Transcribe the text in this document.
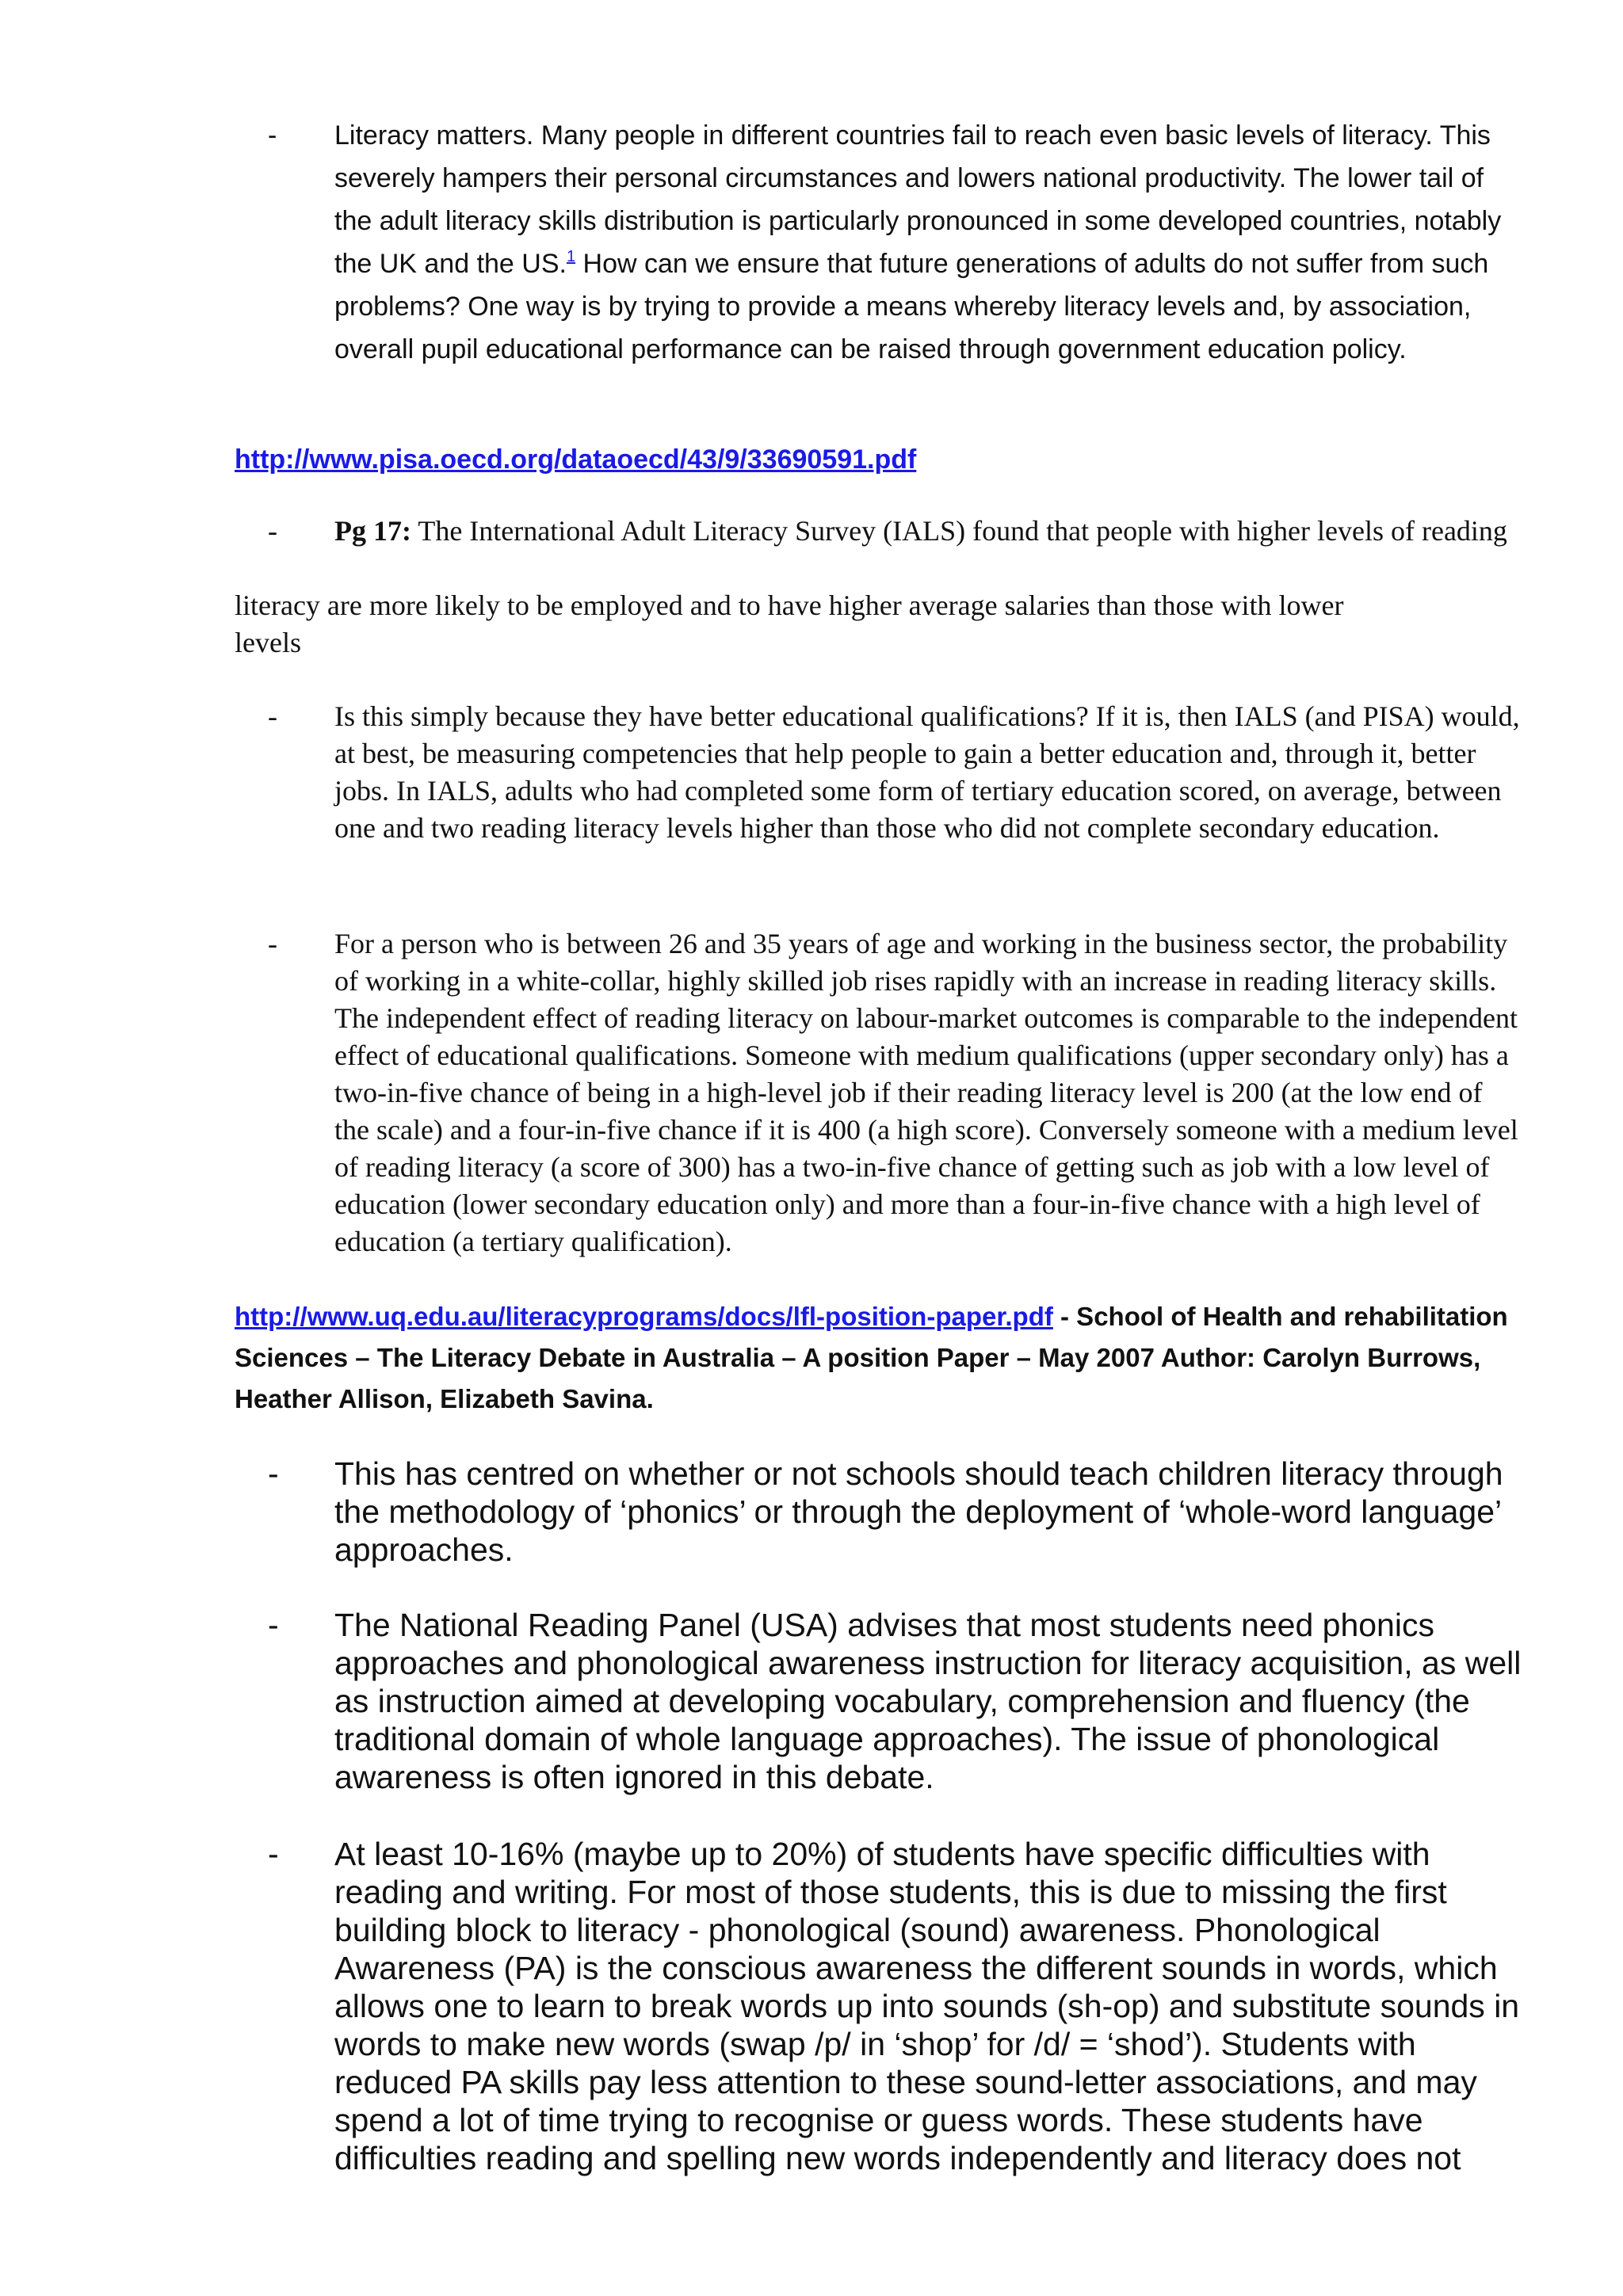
- Literacy matters. Many people in different countries fail to reach even basic levels of literacy. This severely hampers their personal circumstances and lowers national productivity. The lower tail of the adult literacy skills distribution is particularly pronounced in some developed countries, notably the UK and the US.$^1$ How can we ensure that future generations of adults do not suffer from such problems? One way is by trying to provide a means whereby literacy levels and, by association, overall pupil educational performance can be raised through government education policy.
http://www.pisa.oecd.org/dataoecd/43/9/33690591.pdf
- Pg 17: The International Adult Literacy Survey (IALS) found that people with higher levels of reading
literacy are more likely to be employed and to have higher average salaries than those with lower levels
- Is this simply because they have better educational qualifications? If it is, then IALS (and PISA) would, at best, be measuring competencies that help people to gain a better education and, through it, better jobs. In IALS, adults who had completed some form of tertiary education scored, on average, between one and two reading literacy levels higher than those who did not complete secondary education.
- For a person who is between 26 and 35 years of age and working in the business sector, the probability of working in a white-collar, highly skilled job rises rapidly with an increase in reading literacy skills. The independent effect of reading literacy on labour-market outcomes is comparable to the independent effect of educational qualifications. Someone with medium qualifications (upper secondary only) has a two-in-five chance of being in a high-level job if their reading literacy level is 200 (at the low end of the scale) and a four-in-five chance if it is 400 (a high score). Conversely someone with a medium level of reading literacy (a score of 300) has a two-in-five chance of getting such as job with a low level of education (lower secondary education only) and more than a four-in-five chance with a high level of education (a tertiary qualification).
http://www.uq.edu.au/literacyprograms/docs/lfl-position-paper.pdf - School of Health and rehabilitation Sciences – The Literacy Debate in Australia – A position Paper – May 2007 Author: Carolyn Burrows, Heather Allison, Elizabeth Savina.
- This has centred on whether or not schools should teach children literacy through the methodology of ‘phonics’ or through the deployment of ‘whole-word language’ approaches.
- The National Reading Panel (USA) advises that most students need phonics approaches and phonological awareness instruction for literacy acquisition, as well as instruction aimed at developing vocabulary, comprehension and fluency (the traditional domain of whole language approaches). The issue of phonological awareness is often ignored in this debate.
- At least 10-16% (maybe up to 20%) of students have specific difficulties with reading and writing. For most of those students, this is due to missing the first building block to literacy - phonological (sound) awareness. Phonological Awareness (PA) is the conscious awareness the different sounds in words, which allows one to learn to break words up into sounds (sh-op) and substitute sounds in words to make new words (swap /p/ in ‘shop’ for /d/ = ‘shod’). Students with reduced PA skills pay less attention to these sound-letter associations, and may spend a lot of time trying to recognise or guess words. These students have difficulties reading and spelling new words independently and literacy does not
